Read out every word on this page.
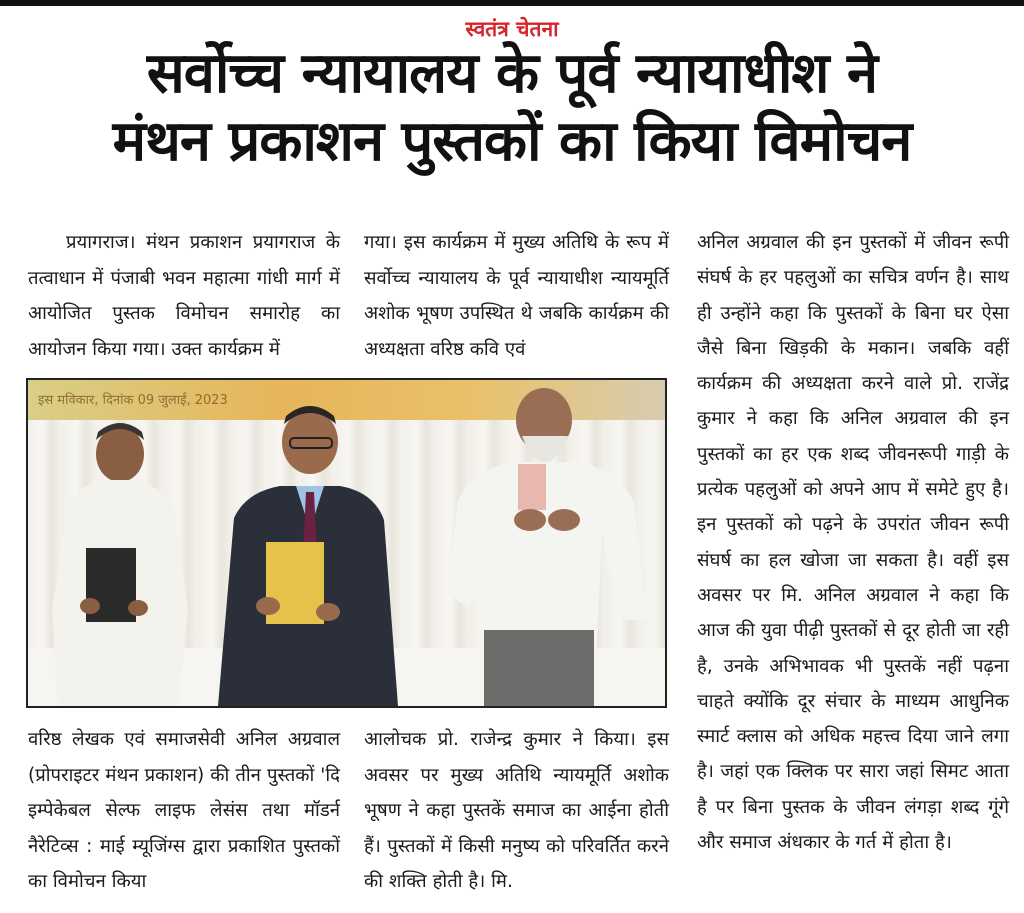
स्वतंत्र चेतना
सर्वोच्च न्यायालय के पूर्व न्यायाधीश ने
मंथन प्रकाशन पुस्तकों का किया विमोचन

प्रयागराज। मंथन प्रकाशन प्रयागराज के तत्वाधान में पंजाबी भवन महात्मा गांधी मार्ग में आयोजित पुस्तक विमोचन समारोह का आयोजन किया गया। उक्त कार्यक्रम में

गया। इस कार्यक्रम में मुख्य अतिथि के रूप में सर्वोच्च न्यायालय के पूर्व न्यायाधीश न्यायमूर्ति अशोक भूषण उपस्थित थे जबकि कार्यक्रम की अध्यक्षता वरिष्ठ कवि एवं

अनिल अग्रवाल की इन पुस्तकों में जीवन रूपी संघर्ष के हर पहलुओं का सचित्र वर्णन है। साथ ही उन्होंने कहा कि पुस्तकों के बिना घर ऐसा जैसे बिना खिड़की के मकान। जबकि वहीं कार्यक्रम की अध्यक्षता करने वाले प्रो. राजेंद्र कुमार ने कहा कि अनिल अग्रवाल की इन पुस्तकों का हर एक शब्द जीवनरूपी गाड़ी के प्रत्येक पहलुओं को अपने आप में समेटे हुए है। इन पुस्तकों को पढ़ने के उपरांत जीवन रूपी संघर्ष का हल खोजा जा सकता है। वहीं इस अवसर पर मि. अनिल अग्रवाल ने कहा कि आज की युवा पीढ़ी पुस्तकों से दूर होती जा रही है, उनके अभिभावक भी पुस्तकें नहीं पढ़ना चाहते क्योंकि दूर संचार के माध्यम आधुनिक स्मार्ट क्लास को अधिक महत्त्व दिया जाने लगा है। जहां एक क्लिक पर सारा जहां सिमट आता है पर बिना पुस्तक के जीवन लंगड़ा शब्द गूंगे और समाज अंधकार के गर्त में होता है।

इस मविकार, दिनांक 09 जुलाई, 2023

वरिष्ठ लेखक एवं समाजसेवी अनिल अग्रवाल (प्रोपराइटर मंथन प्रकाशन) की तीन पुस्तकों 'दि इम्पेकेबल सेल्फ लाइफ लेसंस तथा मॉडर्न नैरेटिव्स : माई म्यूजिंग्स द्वारा प्रकाशित पुस्तकों का विमोचन किया

आलोचक प्रो. राजेन्द्र कुमार ने किया। इस अवसर पर मुख्य अतिथि न्यायमूर्ति अशोक भूषण ने कहा पुस्तकें समाज का आईना होती हैं। पुस्तकों में किसी मनुष्य को परिवर्तित करने की शक्ति होती है। मि.
